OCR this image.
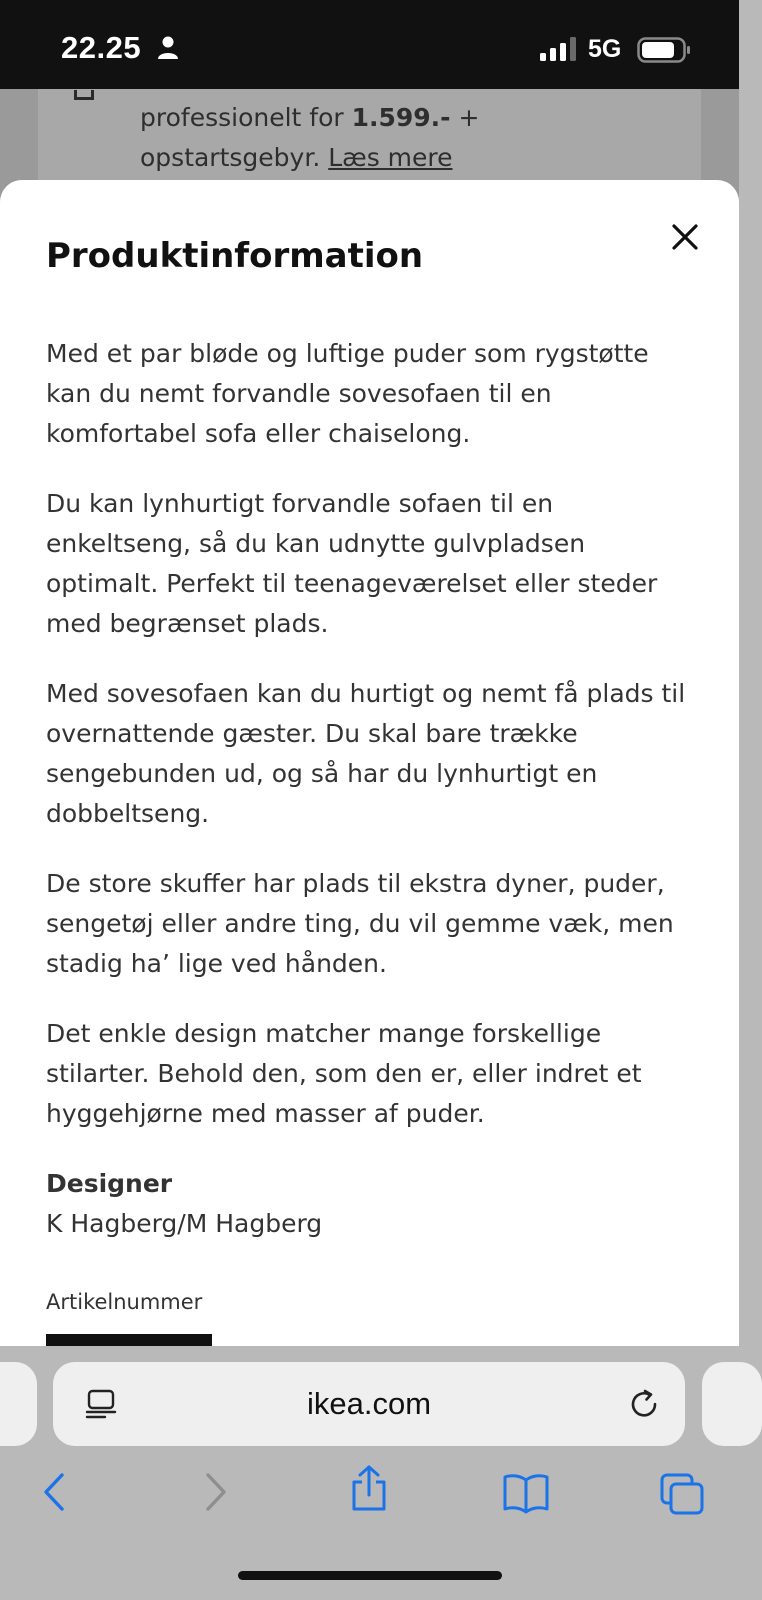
22.25	5G
professionelt for 1.599.- +
opstartsgebyr. Læs mere
Produktinformation

Med et par bløde og luftige puder som rygstøtte kan du nemt forvandle sovesofaen til en komfortabel sofa eller chaiselong.

Du kan lynhurtigt forvandle sofaen til en enkeltseng, så du kan udnytte gulvpladsen optimalt. Perfekt til teenageværelset eller steder med begrænset plads.

Med sovesofaen kan du hurtigt og nemt få plads til overnattende gæster. Du skal bare trække sengebunden ud, og så har du lynhurtigt en dobbeltseng.

De store skuffer har plads til ekstra dyner, puder, sengetøj eller andre ting, du vil gemme væk, men stadig ha’ lige ved hånden.

Det enkle design matcher mange forskellige stilarter. Behold den, som den er, eller indret et hyggehjørne med masser af puder.

Designer
K Hagberg/M Hagberg
Artikelnummer
ikea.com
